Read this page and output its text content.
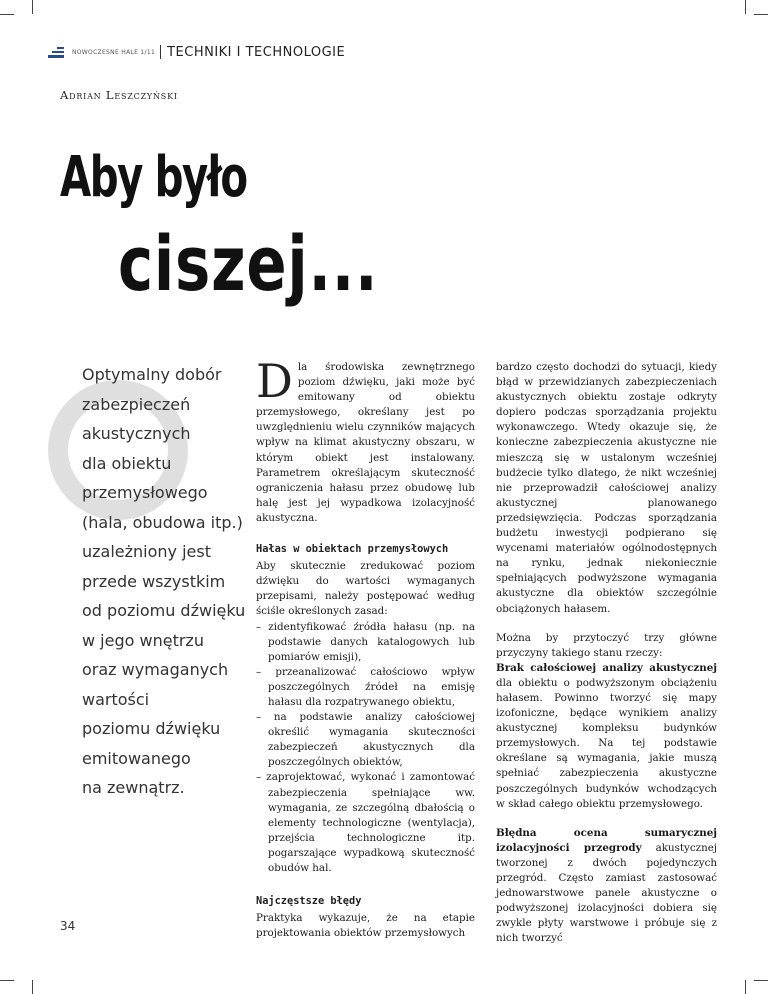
NOWOCZESNE HALE 1/11 TECHNIKI I TECHNOLOGIE
Adrian Leszczyński
Aby było
ciszej...
Optymalny dobór
zabezpieczeń
akustycznych
dla obiektu
przemysłowego
(hala, obudowa itp.)
uzależniony jest
przede wszystkim
od poziomu dźwięku
w jego wnętrzu
oraz wymaganych
wartości
poziomu dźwięku
emitowanego
na zewnątrz.

Dla środowiska zewnętrznego poziom dźwięku, jaki może być emitowany od obiektu przemysłowego, określany jest po uwzględnieniu wielu czynników mających wpływ na klimat akustyczny obszaru, w którym obiekt jest instalowany. Parametrem określającym skuteczność ograniczenia hałasu przez obudowę lub halę jest jej wypadkowa izolacyjność akustyczna.

Hałas w obiektach przemysłowych

Aby skutecznie zredukować poziom dźwięku do wartości wymaganych przepisami, należy postępować według ściśle określonych zasad:

– zidentyfikować źródła hałasu (np. na podstawie danych katalogowych lub pomiarów emisji),

– przeanalizować całościowo wpływ poszczególnych źródeł na emisję hałasu dla rozpatrywanego obiektu,

– na podstawie analizy całościowej określić wymagania skuteczności zabezpieczeń akustycznych dla poszczególnych obiektów,

– zaprojektować, wykonać i zamontować zabezpieczenia spełniające ww. wymagania, ze szczególną dbałością o elementy technologiczne (wentylacja), przejścia technologiczne itp. pogarszające wypadkową skuteczność obudów hal.

Najczęstsze błędy

Praktyka wykazuje, że na etapie projektowania obiektów przemysłowych

bardzo często dochodzi do sytuacji, kiedy błąd w przewidzianych zabezpieczeniach akustycznych obiektu zostaje odkryty dopiero podczas sporządzania projektu wykonawczego. Wtedy okazuje się, że konieczne zabezpieczenia akustyczne nie mieszczą się w ustalonym wcześniej budżecie tylko dlatego, że nikt wcześniej nie przeprowadził całościowej analizy akustycznej planowanego przedsięwzięcia. Podczas sporządzania budżetu inwestycji podpierano się wycenami materiałów ogólnodostępnych na rynku, jednak niekoniecznie spełniających podwyższone wymagania akustyczne dla obiektów szczególnie obciążonych hałasem.

Można by przytoczyć trzy główne przyczyny takiego stanu rzeczy:

Brak całościowej analizy akustycznej dla obiektu o podwyższonym obciążeniu hałasem. Powinno tworzyć się mapy izofoniczne, będące wynikiem analizy akustycznej kompleksu budynków przemysłowych. Na tej podstawie określane są wymagania, jakie muszą spełniać zabezpieczenia akustyczne poszczególnych budynków wchodzących w skład całego obiektu przemysłowego.

Błędna ocena sumarycznej izolacyjności przegrody akustycznej tworzonej z dwóch pojedynczych przegród. Często zamiast zastosować jednowarstwowe panele akustyczne o podwyższonej izolacyjności dobiera się zwykle płyty warstwowe i próbuje się z nich tworzyć

34
